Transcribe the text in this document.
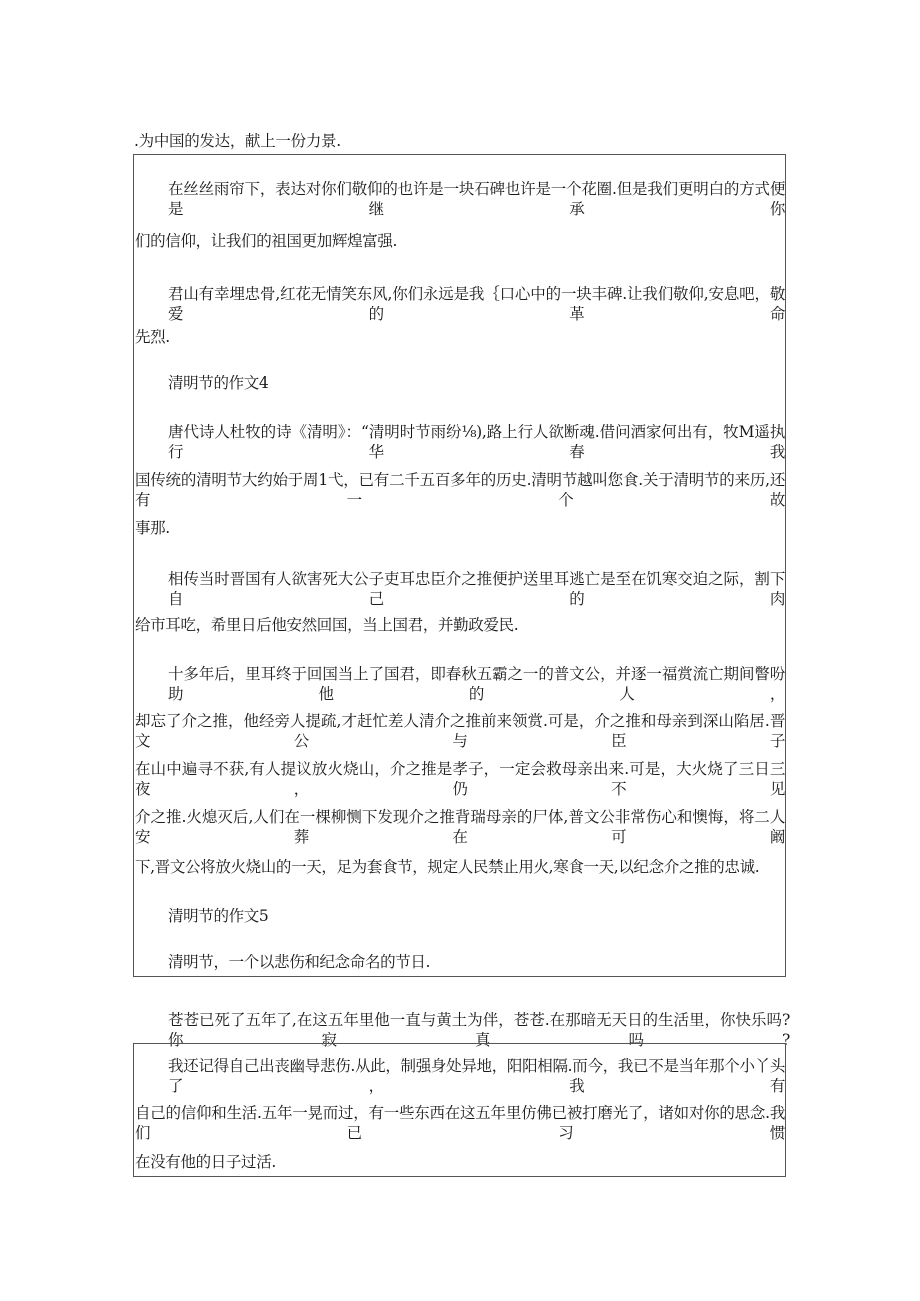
.为中国的发达，献上一份力景.
在丝丝雨帘下，表达对你们敬仰的也许是一块石碑也许是一个花圈.但是我们更明白的方式便是继承你
们的信仰，让我们的祖国更加辉煌富强.
君山有幸埋忠骨,红花无情笑东风,你们永远是我｛口心中的一块丰碑.让我们敬仰,安息吧，敬爱的革命
先烈.
清明节的作文4
唐代诗人杜牧的诗《清明》：“清明时节雨纷⅛),路上行人欲断魂.借问酒家何出有，牧M遥执行华春我
国传统的清明节大约始于周1弋，已有二千五百多年的历史.清明节越叫您食.关于清明节的来历,还有一个故
事那.
相传当时晋国有人欲害死大公子吏耳忠臣介之推便护送里耳逃亡是至在饥寒交迫之际，割下自己的肉
给市耳吃，希里日后他安然回国，当上国君，并勤政爱民.
十多年后，里耳终于回国当上了国君，即春秋五霸之一的普文公，并逐一福赏流亡期间瞥吩助他的人，
却忘了介之推，他经旁人提疏,才赶忙差人清介之推前来领赏.可是，介之推和母亲到深山陷居.晋文公与臣子
在山中遍寻不获,有人提议放火烧山，介之推是孝子，一定会救母亲出来.可是，大火烧了三日三夜，仍不见
介之推.火熄灭后,人们在一棵柳恻下发现介之推背瑞母亲的尸体,普文公非常伤心和懊悔，将二人安葬在可阚
下,晋文公将放火烧山的一天，足为套食节，规定人民禁止用火,寒食一天,以纪念介之推的忠诚.
清明节的作文5
清明节，一个以悲伤和纪念命名的节日.
苍苍已死了五年了,在这五年里他一直与黄土为伴，苍苍.在那暗无天日的生活里，你快乐吗?你寂真吗?
我还记得自己出丧幽导悲伤.从此，制强身处异地，阳阳相隔.而今，我已不是当年那个小丫头了，我有
自己的信仰和生活.五年一晃而过，有一些东西在这五年里仿佛已被打磨光了，诸如对你的思念.我们已习惯
在没有他的日子过活.
